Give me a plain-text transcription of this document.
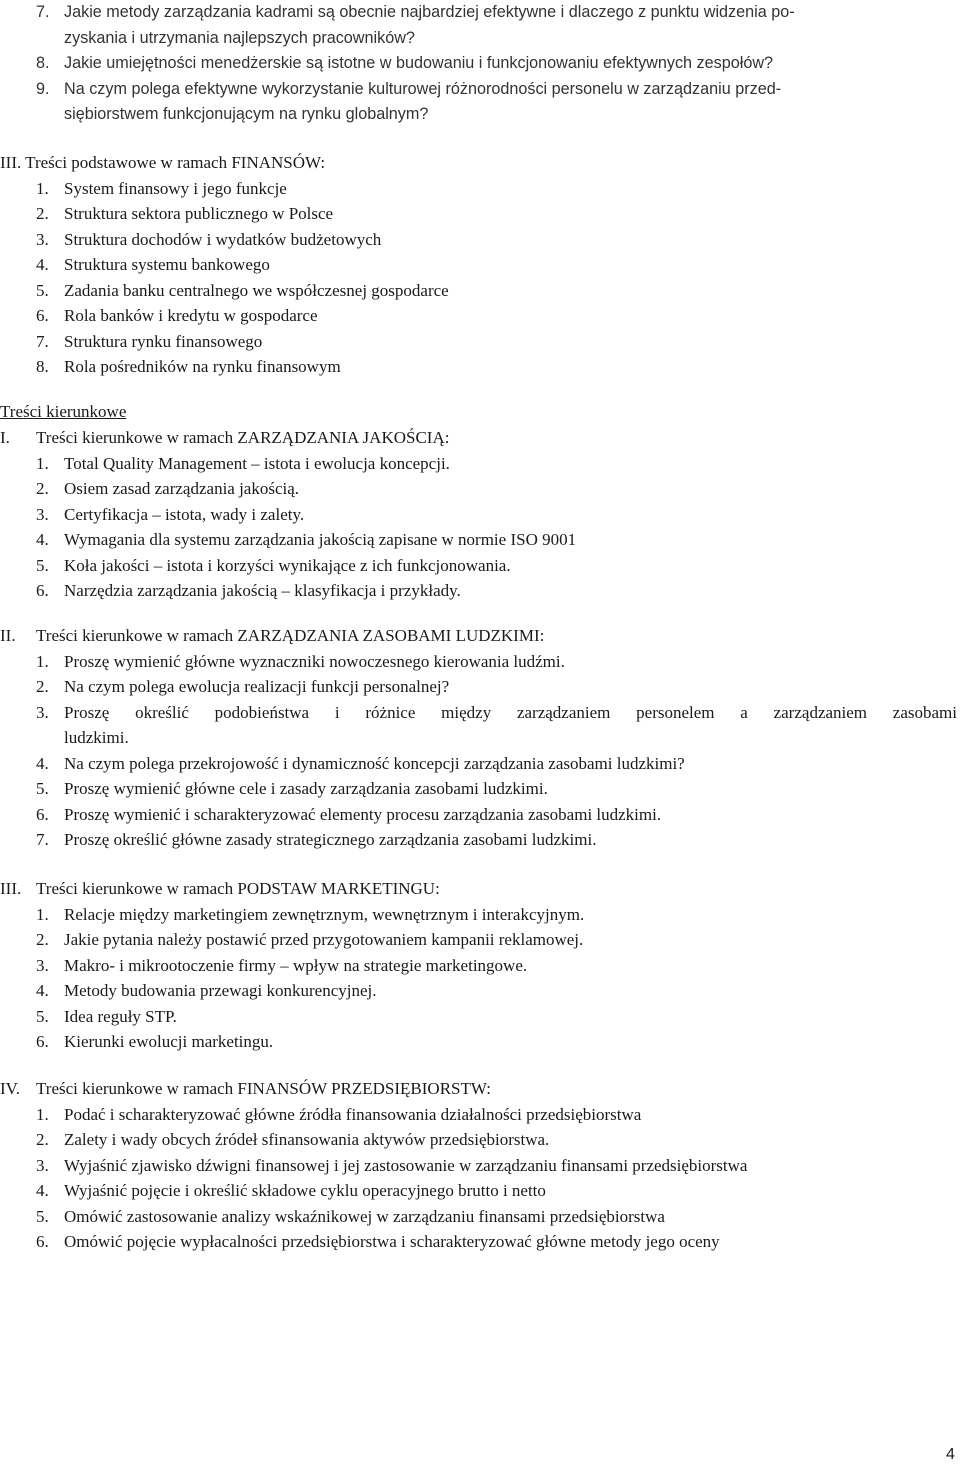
7. Jakie metody zarządzania kadrami są obecnie najbardziej efektywne i dlaczego z punktu widzenia po-
zyskania i utrzymania najlepszych pracowników?
8. Jakie umiejętności menedżerskie są istotne w budowaniu i funkcjonowaniu efektywnych zespołów?
9. Na czym polega efektywne wykorzystanie kulturowej różnorodności personelu w zarządzaniu przed-
siębiorstwem funkcjonującym na rynku globalnym?
III. Treści podstawowe w ramach FINANSÓW:
1. System finansowy i jego funkcje
2. Struktura sektora publicznego w Polsce
3. Struktura dochodów i wydatków budżetowych
4. Struktura systemu bankowego
5. Zadania banku centralnego we współczesnej gospodarce
6. Rola banków i kredytu w gospodarce
7. Struktura rynku finansowego
8. Rola pośredników na rynku finansowym
Treści kierunkowe
I. Treści kierunkowe w ramach ZARZĄDZANIA JAKOŚCIĄ:
1. Total Quality Management – istota i ewolucja koncepcji.
2. Osiem zasad zarządzania jakością.
3. Certyfikacja – istota, wady i zalety.
4. Wymagania dla systemu zarządzania jakością zapisane w normie ISO 9001
5. Koła jakości – istota i korzyści wynikające z ich funkcjonowania.
6. Narzędzia zarządzania jakością – klasyfikacja i przykłady.
II. Treści kierunkowe w ramach ZARZĄDZANIA ZASOBAMI LUDZKIMI:
1. Proszę wymienić główne wyznaczniki nowoczesnego kierowania ludźmi.
2. Na czym polega ewolucja realizacji funkcji personalnej?
3. Proszę określić podobieństwa i różnice między zarządzaniem personelem a zarządzaniem zasobami
ludzkimi.
4. Na czym polega przekrojowość i dynamiczność koncepcji zarządzania zasobami ludzkimi?
5. Proszę wymienić główne cele i zasady zarządzania zasobami ludzkimi.
6. Proszę wymienić i scharakteryzować elementy procesu zarządzania zasobami ludzkimi.
7. Proszę określić główne zasady strategicznego zarządzania zasobami ludzkimi.
III. Treści kierunkowe w ramach PODSTAW MARKETINGU:
1. Relacje między marketingiem zewnętrznym, wewnętrznym i interakcyjnym.
2. Jakie pytania należy postawić przed przygotowaniem kampanii reklamowej.
3. Makro- i mikrootoczenie firmy – wpływ na strategie marketingowe.
4. Metody budowania przewagi konkurencyjnej.
5. Idea reguły STP.
6. Kierunki ewolucji marketingu.
IV. Treści kierunkowe w ramach FINANSÓW PRZEDSIĘBIORSTW:
1. Podać i scharakteryzować główne źródła finansowania działalności przedsiębiorstwa
2. Zalety i wady obcych źródeł sfinansowania aktywów przedsiębiorstwa.
3. Wyjaśnić zjawisko dźwigni finansowej i jej zastosowanie w zarządzaniu finansami przedsiębiorstwa
4. Wyjaśnić pojęcie i określić składowe cyklu operacyjnego brutto i netto
5. Omówić zastosowanie analizy wskaźnikowej w zarządzaniu finansami przedsiębiorstwa
6. Omówić pojęcie wypłacalności przedsiębiorstwa i scharakteryzować główne metody jego oceny
4
